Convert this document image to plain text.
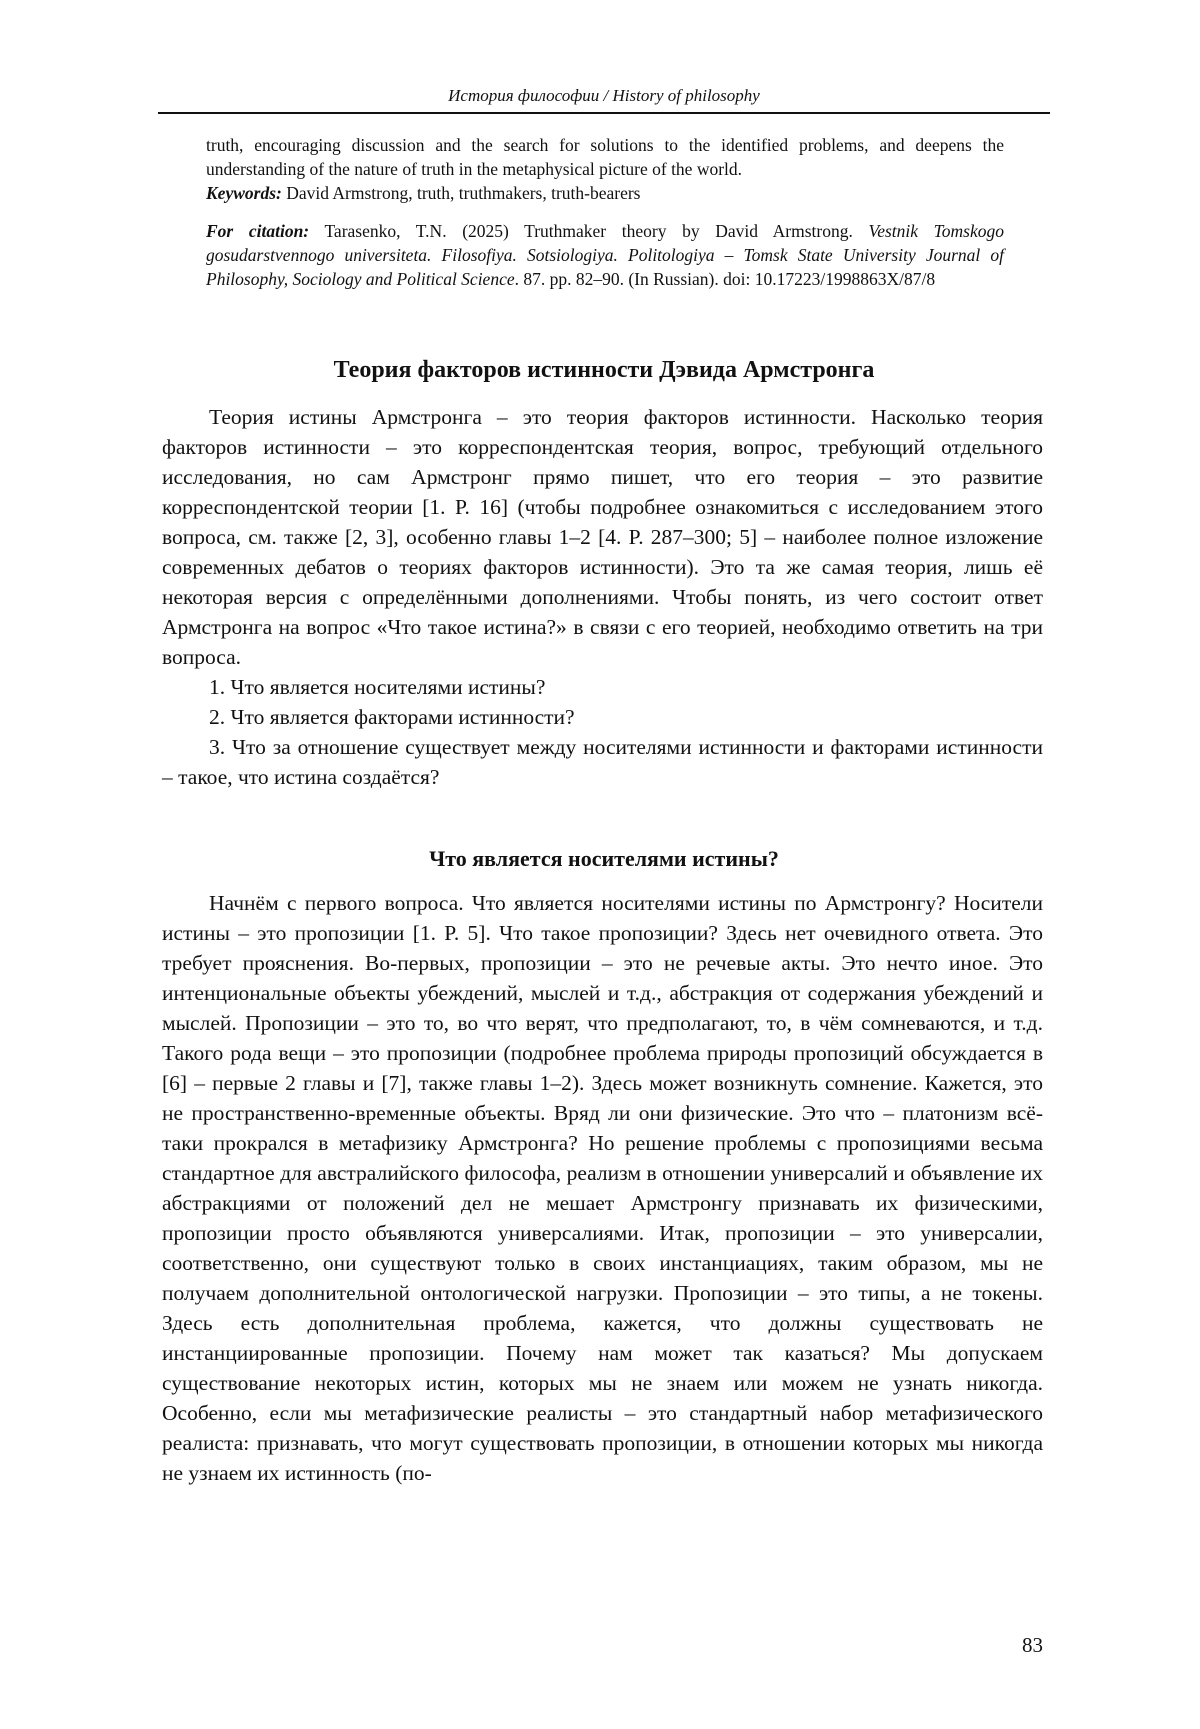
История философии / History of philosophy

truth, encouraging discussion and the search for solutions to the identified problems, and deepens the understanding of the nature of truth in the metaphysical picture of the world.

Keywords: David Armstrong, truth, truthmakers, truth-bearers

For citation: Tarasenko, T.N. (2025) Truthmaker theory by David Armstrong. Vestnik Tomskogo gosudarstvennogo universiteta. Filosofiya. Sotsiologiya. Politologiya – Tomsk State University Journal of Philosophy, Sociology and Political Science. 87. pp. 82–90. (In Russian). doi: 10.17223/1998863X/87/8

Теория факторов истинности Дэвида Армстронга

Теория истины Армстронга – это теория факторов истинности. Насколько теория факторов истинности – это корреспондентская теория, вопрос, требующий отдельного исследования, но сам Армстронг прямо пишет, что его теория – это развитие корреспондентской теории [1. P. 16] (чтобы подробнее ознакомиться с исследованием этого вопроса, см. также [2, 3], особенно главы 1–2 [4. P. 287–300; 5] – наиболее полное изложение современных дебатов о теориях факторов истинности). Это та же самая теория, лишь её некоторая версия с определёнными дополнениями. Чтобы понять, из чего состоит ответ Армстронга на вопрос «Что такое истина?» в связи с его теорией, необходимо ответить на три вопроса.

1. Что является носителями истины?

2. Что является факторами истинности?

3. Что за отношение существует между носителями истинности и факторами истинности – такое, что истина создаётся?

Что является носителями истины?

Начнём с первого вопроса. Что является носителями истины по Армстронгу? Носители истины – это пропозиции [1. P. 5]. Что такое пропозиции? Здесь нет очевидного ответа. Это требует прояснения. Во-первых, пропозиции – это не речевые акты. Это нечто иное. Это интенциональные объекты убеждений, мыслей и т.д., абстракция от содержания убеждений и мыслей. Пропозиции – это то, во что верят, что предполагают, то, в чём сомневаются, и т.д. Такого рода вещи – это пропозиции (подробнее проблема природы пропозиций обсуждается в [6] – первые 2 главы и [7], также главы 1–2). Здесь может возникнуть сомнение. Кажется, это не пространственно-временные объекты. Вряд ли они физические. Это что – платонизм всё-таки прокрался в метафизику Армстронга? Но решение проблемы с пропозициями весьма стандартное для австралийского философа, реализм в отношении универсалий и объявление их абстракциями от положений дел не мешает Армстронгу признавать их физическими, пропозиции просто объявляются универсалиями. Итак, пропозиции – это универсалии, соответственно, они существуют только в своих инстанциациях, таким образом, мы не получаем дополнительной онтологической нагрузки. Пропозиции – это типы, а не токены. Здесь есть дополнительная проблема, кажется, что должны существовать не инстанциированные пропозиции. Почему нам может так казаться? Мы допускаем существование некоторых истин, которых мы не знаем или можем не узнать никогда. Особенно, если мы метафизические реалисты – это стандартный набор метафизического реалиста: признавать, что могут существовать пропозиции, в отношении которых мы никогда не узнаем их истинность (по-

83
